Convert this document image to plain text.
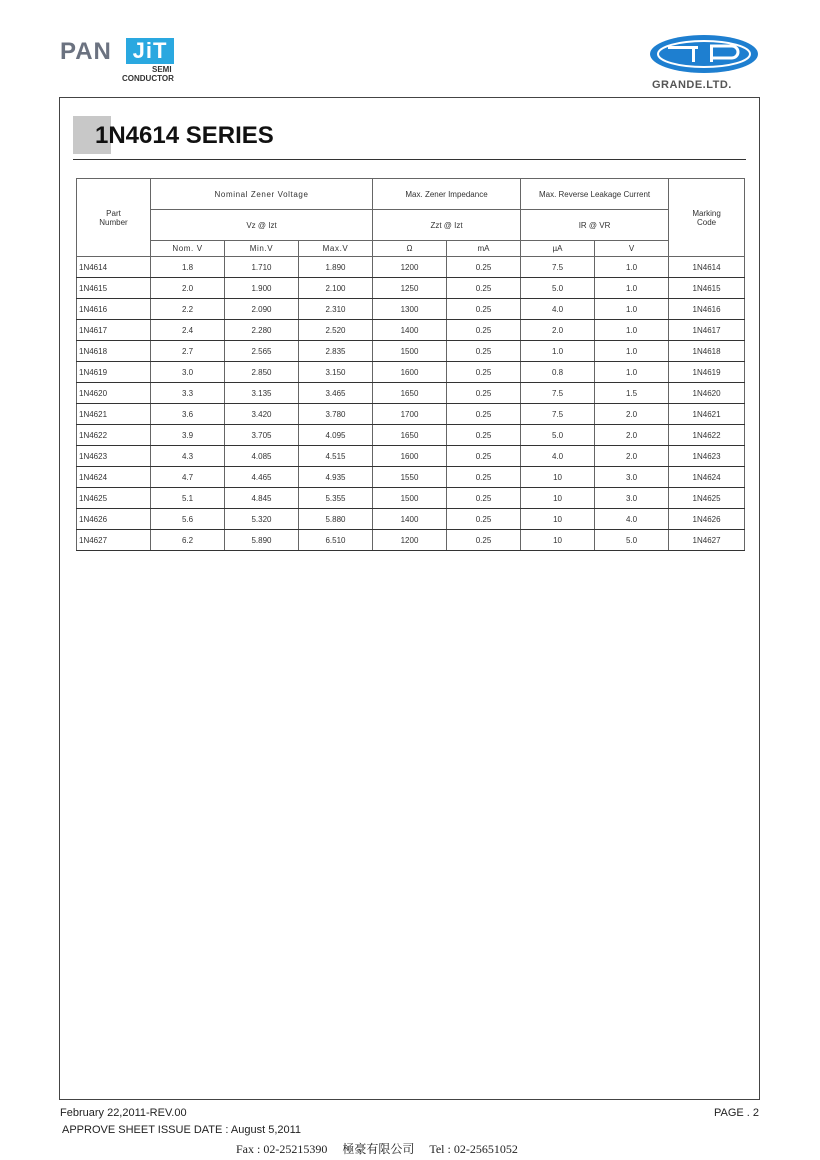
PAN JiT
SEMI
CONDUCTOR
GRANDE.LTD.
1N4614 SERIES
Part Number	Nominal Zener Voltage			Max. Zener Impedance		Max. Reverse Leakage Current		Marking Code

	Vz @ Izt			Zzt @ Izt		IR @ VR		
	Nom. V	Min.V	Max.V	Ω	mA	µA	V	
1N4614	1.8	1.710	1.890	1200	0.25	7.5	1.0	1N4614
1N4615	2.0	1.900	2.100	1250	0.25	5.0	1.0	1N4615
1N4616	2.2	2.090	2.310	1300	0.25	4.0	1.0	1N4616
1N4617	2.4	2.280	2.520	1400	0.25	2.0	1.0	1N4617
1N4618	2.7	2.565	2.835	1500	0.25	1.0	1.0	1N4618
1N4619	3.0	2.850	3.150	1600	0.25	0.8	1.0	1N4619
1N4620	3.3	3.135	3.465	1650	0.25	7.5	1.5	1N4620
1N4621	3.6	3.420	3.780	1700	0.25	7.5	2.0	1N4621
1N4622	3.9	3.705	4.095	1650	0.25	5.0	2.0	1N4622
1N4623	4.3	4.085	4.515	1600	0.25	4.0	2.0	1N4623
1N4624	4.7	4.465	4.935	1550	0.25	10	3.0	1N4624
1N4625	5.1	4.845	5.355	1500	0.25	10	3.0	1N4625
1N4626	5.6	5.320	5.880	1400	0.25	10	4.0	1N4626
1N4627	6.2	5.890	6.510	1200	0.25	10	5.0	1N4627
February 22,2011-REV.00	PAGE . 2
APPROVE SHEET ISSUE DATE : August 5,2011
Fax : 02-25215390     極豪有限公司     Tel : 02-25651052
